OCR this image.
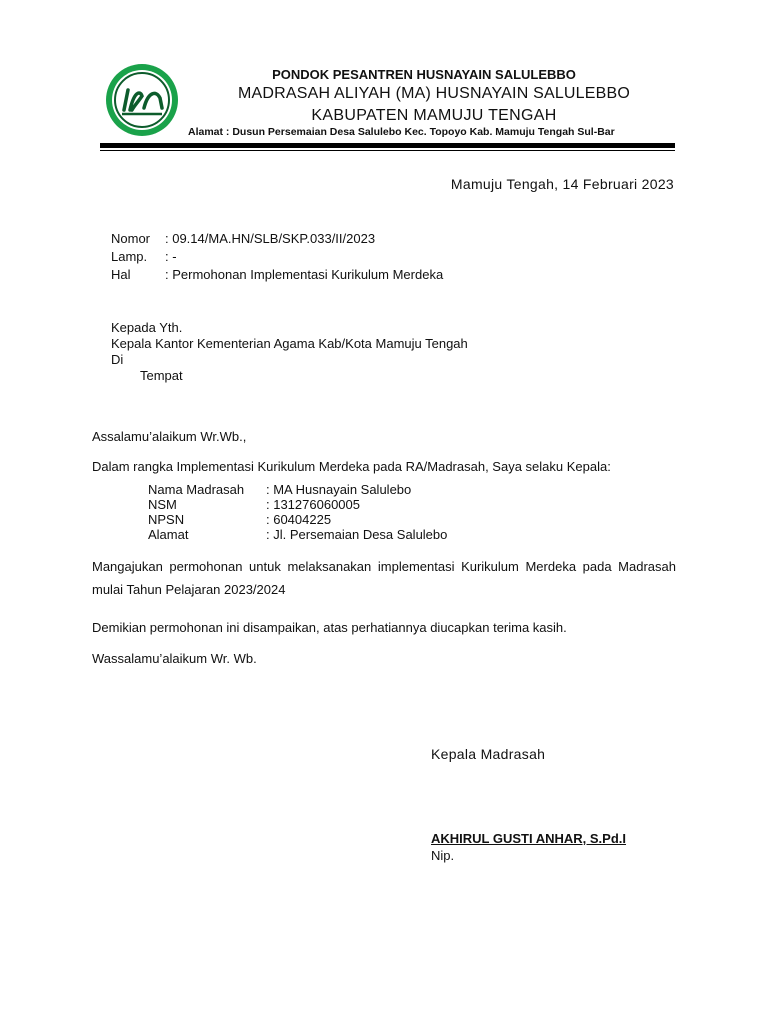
PONDOK PESANTREN HUSNAYAIN SALULEBBO
MADRASAH ALIYAH (MA) HUSNAYAIN SALULEBBO
KABUPATEN MAMUJU TENGAH
Alamat : Dusun Persemaian Desa Salulebo Kec. Topoyo Kab. Mamuju Tengah Sul-Bar
Mamuju Tengah, 14 Februari 2023
Nomor : 09.14/MA.HN/SLB/SKP.033/II/2023
Lamp. : -
Hal	: Permohonan Implementasi Kurikulum Merdeka
Kepada Yth.
Kepala Kantor Kementerian Agama Kab/Kota Mamuju Tengah
Di
Tempat
Assalamu’alaikum Wr.Wb.,
Dalam rangka Implementasi Kurikulum Merdeka pada RA/Madrasah, Saya selaku Kepala:
Nama Madrasah : MA Husnayain Salulebo
NSM	: 131276060005
NPSN	: 60404225
Alamat	: Jl. Persemaian Desa Salulebo
Mangajukan permohonan untuk melaksanakan implementasi Kurikulum Merdeka pada Madrasah mulai Tahun Pelajaran 2023/2024
Demikian permohonan ini disampaikan, atas perhatiannya diucapkan terima kasih.
Wassalamu’alaikum Wr. Wb.
Kepala Madrasah
AKHIRUL GUSTI ANHAR, S.Pd.I
Nip.
